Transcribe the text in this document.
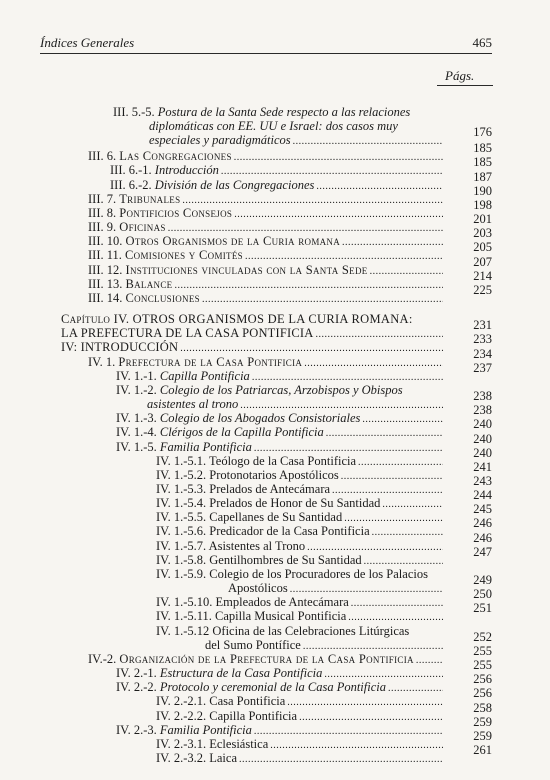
Índices Generales	465
Págs.
III. 5.-5. Postura de la Santa Sede respecto a las relaciones
diplomáticas con EE. UU e Israel: dos casos muy
especiales y paradigmáticos
. . .
III. 6. Las Congregaciones
. . .
III. 6.-1. Introducción
. . .
III. 6.-2. División de las Congregaciones
. . .
III. 7. Tribunales
. . .
III. 8. Pontificios Consejos
. . .
III. 9. Oficinas
. . .
III. 10. Otros Organismos de la Curia romana
. . .
III. 11. Comisiones y Comités
. . .
III. 12. Instituciones vinculadas con la Santa Sede
. . .
III. 13. Balance
. . .
III. 14. Conclusiones
. . .
Capítulo IV. OTROS ORGANISMOS DE LA CURIA ROMANA:
LA PREFECTURA DE LA CASA PONTIFICIA
. . .
IV: INTRODUCCIÓN
. . .
IV. 1. Prefectura de la Casa Pontificia
. . .
IV. 1.-1. Capilla Pontificia
. . .
IV. 1.-2. Colegio de los Patriarcas, Arzobispos y Obispos
asistentes al trono
. . .
IV. 1.-3. Colegio de los Abogados Consistoriales
. . .
IV. 1.-4. Clérigos de la Capilla Pontificia
. . .
IV. 1.-5. Familia Pontificia
. . .
IV. 1.-5.1. Teólogo de la Casa Pontificia
. . .
IV. 1.-5.2. Protonotarios Apostólicos
. . .
IV. 1.-5.3. Prelados de Antecámara
. . .
IV. 1.-5.4. Prelados de Honor de Su Santidad
. . .
IV. 1.-5.5. Capellanes de Su Santidad
. . .
IV. 1.-5.6. Predicador de la Casa Pontificia
. . .
IV. 1.-5.7. Asistentes al Trono
. . .
IV. 1.-5.8. Gentilhombres de Su Santidad
. . .
IV. 1.-5.9. Colegio de los Procuradores de los Palacios
Apostólicos
. . .
IV. 1.-5.10. Empleados de Antecámara
. . .
IV. 1.-5.11. Capilla Musical Pontificia
. . .
IV. 1.-5.12 Oficina de las Celebraciones Litúrgicas
del Sumo Pontífice
. . .
IV.-2. Organización de la Prefectura de la Casa Pontificia
. . .
IV. 2.-1. Estructura de la Casa Pontificia
. . .
IV. 2.-2. Protocolo y ceremonial de la Casa Pontificia
. . .
IV. 2.-2.1. Casa Pontificia
. . .
IV. 2.-2.2. Capilla Pontificia
. . .
IV. 2.-3. Familia Pontificia
. . .
IV. 2.-3.1. Eclesiástica
. . .
IV. 2.-3.2. Laica
. . .
176
185
185
187
190
198
201
203
205
207
214
225
231
233
234
237
238
238
240
240
240
241
243
244
245
246
246
247
249
250
251
252
255
255
256
256
258
259
259
261
